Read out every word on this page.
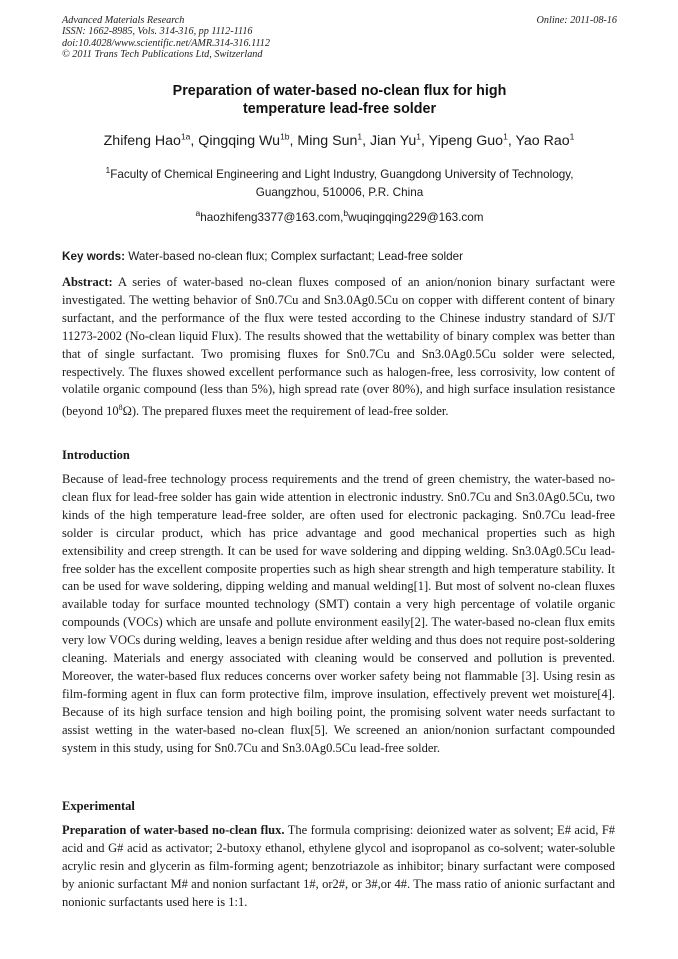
Advanced Materials Research
ISSN: 1662-8985, Vols. 314-316, pp 1112-1116
doi:10.4028/www.scientific.net/AMR.314-316.1112
© 2011 Trans Tech Publications Ltd, Switzerland
Online: 2011-08-16
Preparation of water-based no-clean flux for high
temperature lead-free solder
Zhifeng Hao$^{1a}$, Qingqing $Wu^{1b}$, Ming Sun$^1$, Jian Yu$^1$, Yipeng Guo$^1$, Yao Rao$^1$
$^1$Faculty of Chemical Engineering and Light Industry, Guangdong University of Technology,
Guangzhou, 510006, P.R. China
$^a$haozhifeng3377@163.com,$^b$wuqingqing229@163.com
Key words: Water-based no-clean flux; Complex surfactant; Lead-free solder
Abstract: A series of water-based no-clean fluxes composed of an anion/nonion binary surfactant were investigated. The wetting behavior of Sn0.7Cu and Sn3.0Ag0.5Cu on copper with different content of binary surfactant, and the performance of the flux were tested according to the Chinese industry standard of SJ/T 11273-2002 (No-clean liquid Flux). The results showed that the wettability of binary complex was better than that of single surfactant. Two promising fluxes for Sn0.7Cu and Sn3.0Ag0.5Cu solder were selected, respectively. The fluxes showed excellent performance such as halogen-free, less corrosivity, low content of volatile organic compound (less than 5%), high spread rate (over 80%), and high surface insulation resistance (beyond $10^8\Omega$). The prepared fluxes meet the requirement of lead-free solder.
Introduction
Because of lead-free technology process requirements and the trend of green chemistry, the water-based no-clean flux for lead-free solder has gain wide attention in electronic industry. Sn0.7Cu and Sn3.0Ag0.5Cu, two kinds of the high temperature lead-free solder, are often used for electronic packaging. Sn0.7Cu lead-free solder is circular product, which has price advantage and good mechanical properties such as high extensibility and creep strength. It can be used for wave soldering and dipping welding. Sn3.0Ag0.5Cu lead-free solder has the excellent composite properties such as high shear strength and high temperature stability. It can be used for wave soldering, dipping welding and manual welding[1]. But most of solvent no-clean fluxes available today for surface mounted technology (SMT) contain a very high percentage of volatile organic compounds (VOCs) which are unsafe and pollute environment easily[2]. The water-based no-clean flux emits very low VOCs during welding, leaves a benign residue after welding and thus does not require post-soldering cleaning. Materials and energy associated with cleaning would be conserved and pollution is prevented. Moreover, the water-based flux reduces concerns over worker safety being not flammable [3]. Using resin as film-forming agent in flux can form protective film, improve insulation, effectively prevent wet moisture[4]. Because of its high surface tension and high boiling point, the promising solvent water needs surfactant to assist wetting in the water-based no-clean flux[5]. We screened an anion/nonion surfactant compounded system in this study, using for Sn0.7Cu and Sn3.0Ag0.5Cu lead-free solder.
Experimental
Preparation of water-based no-clean flux. The formula comprising: deionized water as solvent; E# acid, F# acid and G# acid as activator; 2-butoxy ethanol, ethylene glycol and isopropanol as co-solvent; water-soluble acrylic resin and glycerin as film-forming agent; benzotriazole as inhibitor; binary surfactant were composed by anionic surfactant M# and nonion surfactant 1#, or2#, or 3#,or 4#. The mass ratio of anionic surfactant and nonionic surfactants used here is 1:1.
